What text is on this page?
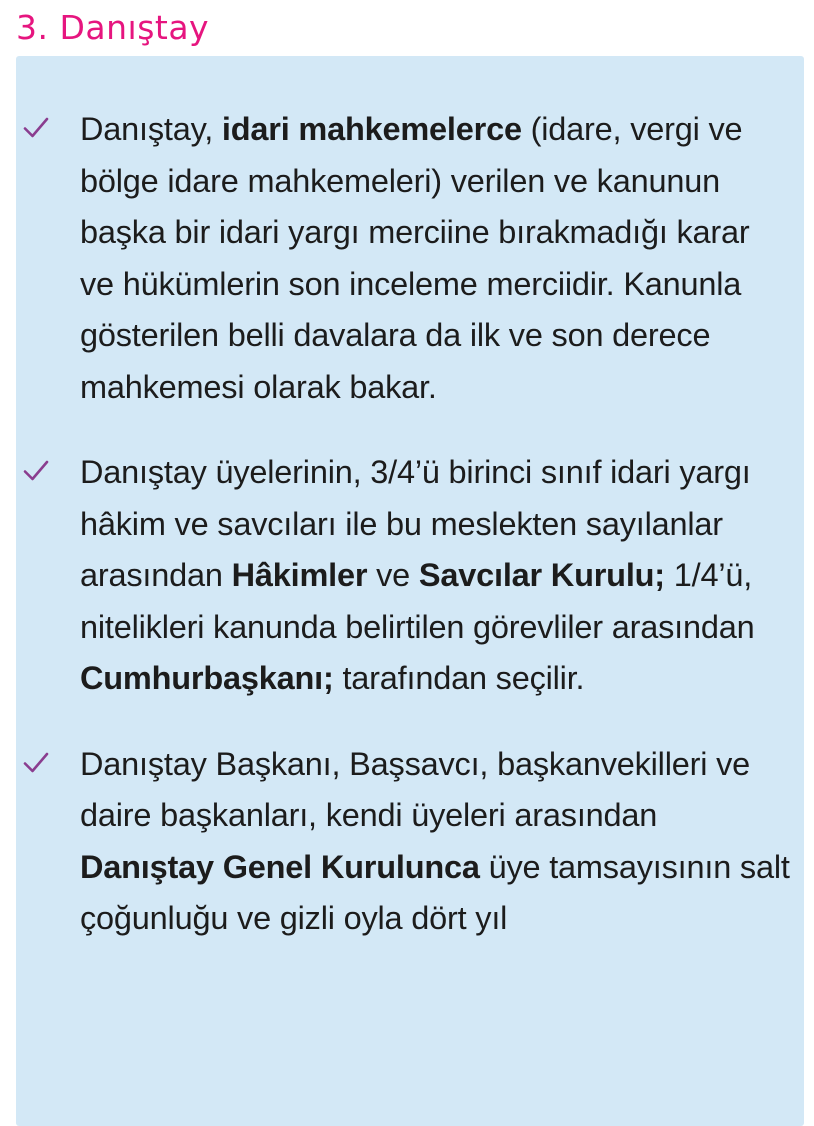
3. Danıştay
Danıştay, idari mahkemelerce (idare, vergi ve bölge idare mahkemeleri) verilen ve kanunun başka bir idari yargı merciine bırakmadığı karar ve hükümlerin son inceleme merciidir. Kanunla gösterilen belli davalara da ilk ve son derece mahkemesi olarak bakar.
Danıştay üyelerinin, 3/4’ü birinci sınıf idari yargı hâkim ve savcıları ile bu meslekten sayılanlar arasından Hâkimler ve Savcılar Kurulu; 1/4’ü, nitelikleri kanunda belirtilen görevliler arasından Cumhurbaşkanı; tarafından seçilir.
Danıştay Başkanı, Başsavcı, başkanvekilleri ve daire başkanları, kendi üyeleri arasından Danıştay Genel Kurulunca üye tamsayısının salt çoğunluğu ve gizli oyla dört yıl
